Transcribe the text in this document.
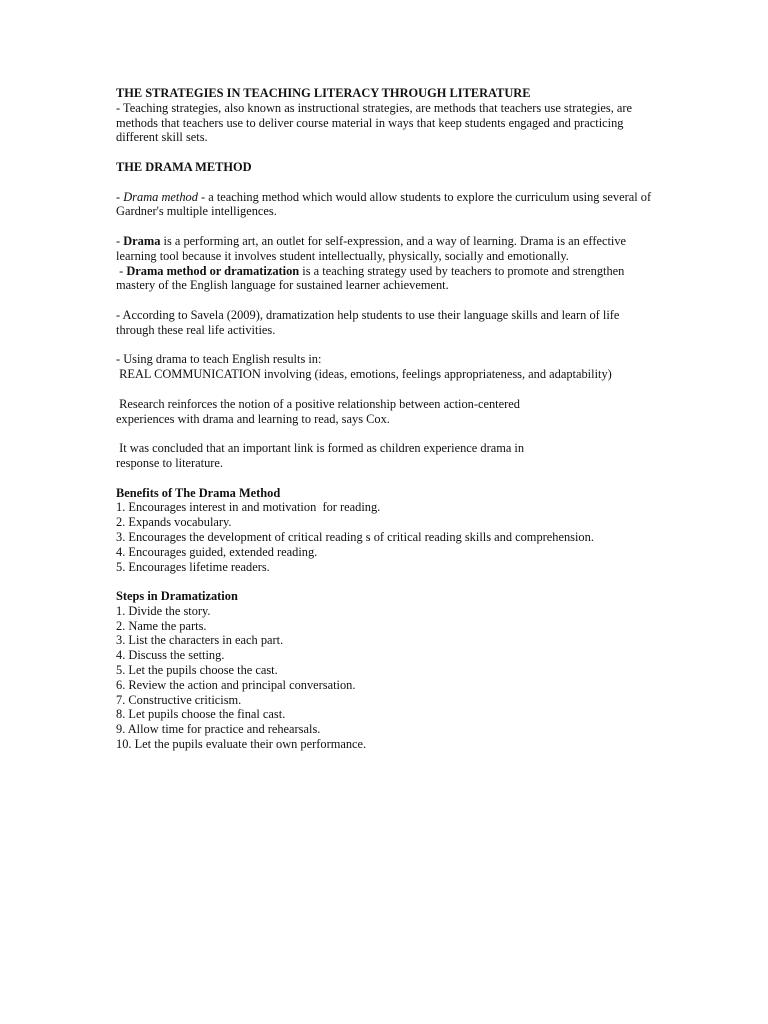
THE STRATEGIES IN TEACHING LITERACY THROUGH LITERATURE

- Teaching strategies, also known as instructional strategies, are methods that teachers use strategies, are methods that teachers use to deliver course material in ways that keep students engaged and practicing different skill sets.

THE DRAMA METHOD

- Drama method - a teaching method which would allow students to explore the curriculum using several of Gardner's multiple intelligences.

- Drama is a performing art, an outlet for self-expression, and a way of learning. Drama is an effective learning tool because it involves student intellectually, physically, socially and emotionally.

- Drama method or dramatization is a teaching strategy used by teachers to promote and strengthen mastery of the English language for sustained learner achievement.

- According to Savela (2009), dramatization help students to use their language skills and learn of life through these real life activities.

- Using drama to teach English results in:

REAL COMMUNICATION involving (ideas, emotions, feelings appropriateness, and adaptability)

Research reinforces the notion of a positive relationship between action-centered experiences with drama and learning to read, says Cox.

It was concluded that an important link is formed as children experience drama in response to literature.

Benefits of The Drama Method

1. Encourages interest in and motivation  for reading.
2. Expands vocabulary.
3. Encourages the development of critical reading s of critical reading skills and comprehension.
4. Encourages guided, extended reading.
5. Encourages lifetime readers.

Steps in Dramatization

1. Divide the story.
2. Name the parts.
3. List the characters in each part.
4. Discuss the setting.
5. Let the pupils choose the cast.
6. Review the action and principal conversation.
7. Constructive criticism.
8. Let pupils choose the final cast.
9. Allow time for practice and rehearsals.
10. Let the pupils evaluate their own performance.
